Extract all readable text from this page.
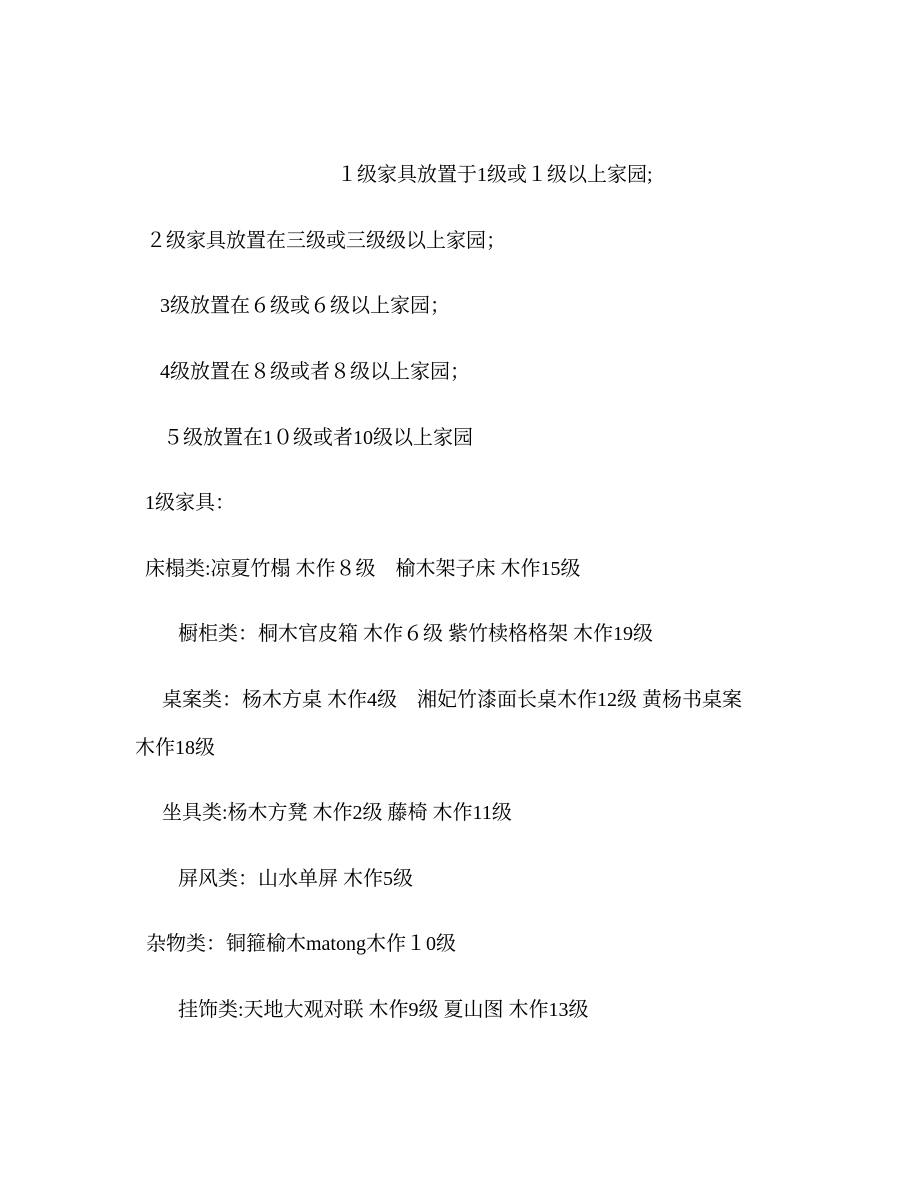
１级家具放置于1级或１级以上家园;

２级家具放置在三级或三级级以上家园；

3级放置在６级或６级以上家园；

4级放置在８级或者８级以上家园；

５级放置在1０级或者10级以上家园

1级家具：

床榻类:凉夏竹榻 木作８级　榆木架子床 木作15级

橱柜类：桐木官皮箱 木作６级 紫竹椟格格架 木作19级

桌案类：杨木方桌 木作4级　湘妃竹漆面长桌木作12级 黄杨书桌案

木作18级

坐具类:杨木方凳 木作2级 藤椅 木作11级

屏风类：山水单屏 木作5级

杂物类：铜箍榆木matong木作１0级

挂饰类:天地大观对联 木作9级 夏山图 木作13级
